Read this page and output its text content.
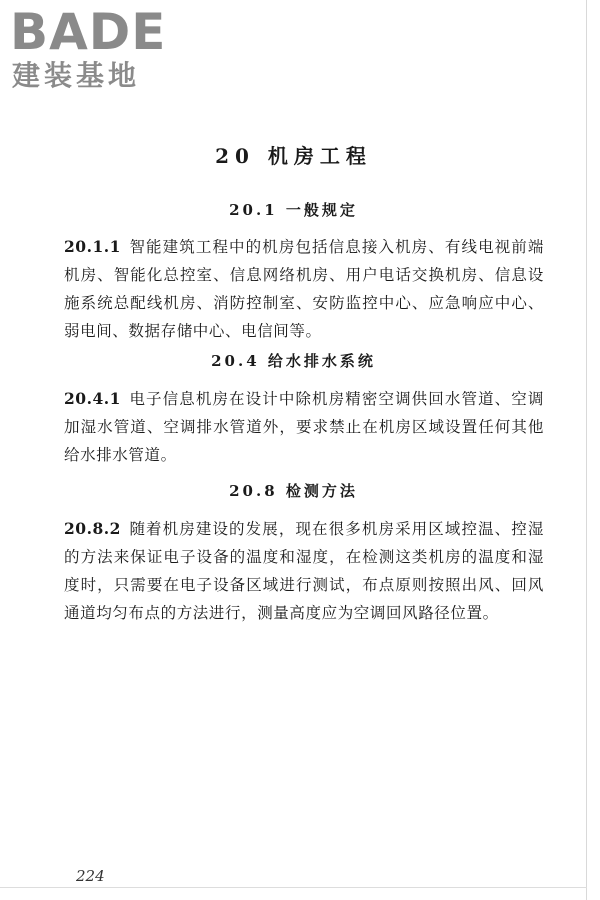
BADE
建装基地
20 机房工程
20.1 一般规定
20.1.1 智能建筑工程中的机房包括信息接入机房、有线电视前端机房、智能化总控室、信息网络机房、用户电话交换机房、信息设施系统总配线机房、消防控制室、安防监控中心、应急响应中心、弱电间、数据存储中心、电信间等。
20.4 给水排水系统
20.4.1 电子信息机房在设计中除机房精密空调供回水管道、空调加湿水管道、空调排水管道外，要求禁止在机房区域设置任何其他给水排水管道。
20.8 检测方法
20.8.2 随着机房建设的发展，现在很多机房采用区域控温、控湿的方法来保证电子设备的温度和湿度，在检测这类机房的温度和湿度时，只需要在电子设备区域进行测试，布点原则按照出风、回风通道均匀布点的方法进行，测量高度应为空调回风路径位置。
224
